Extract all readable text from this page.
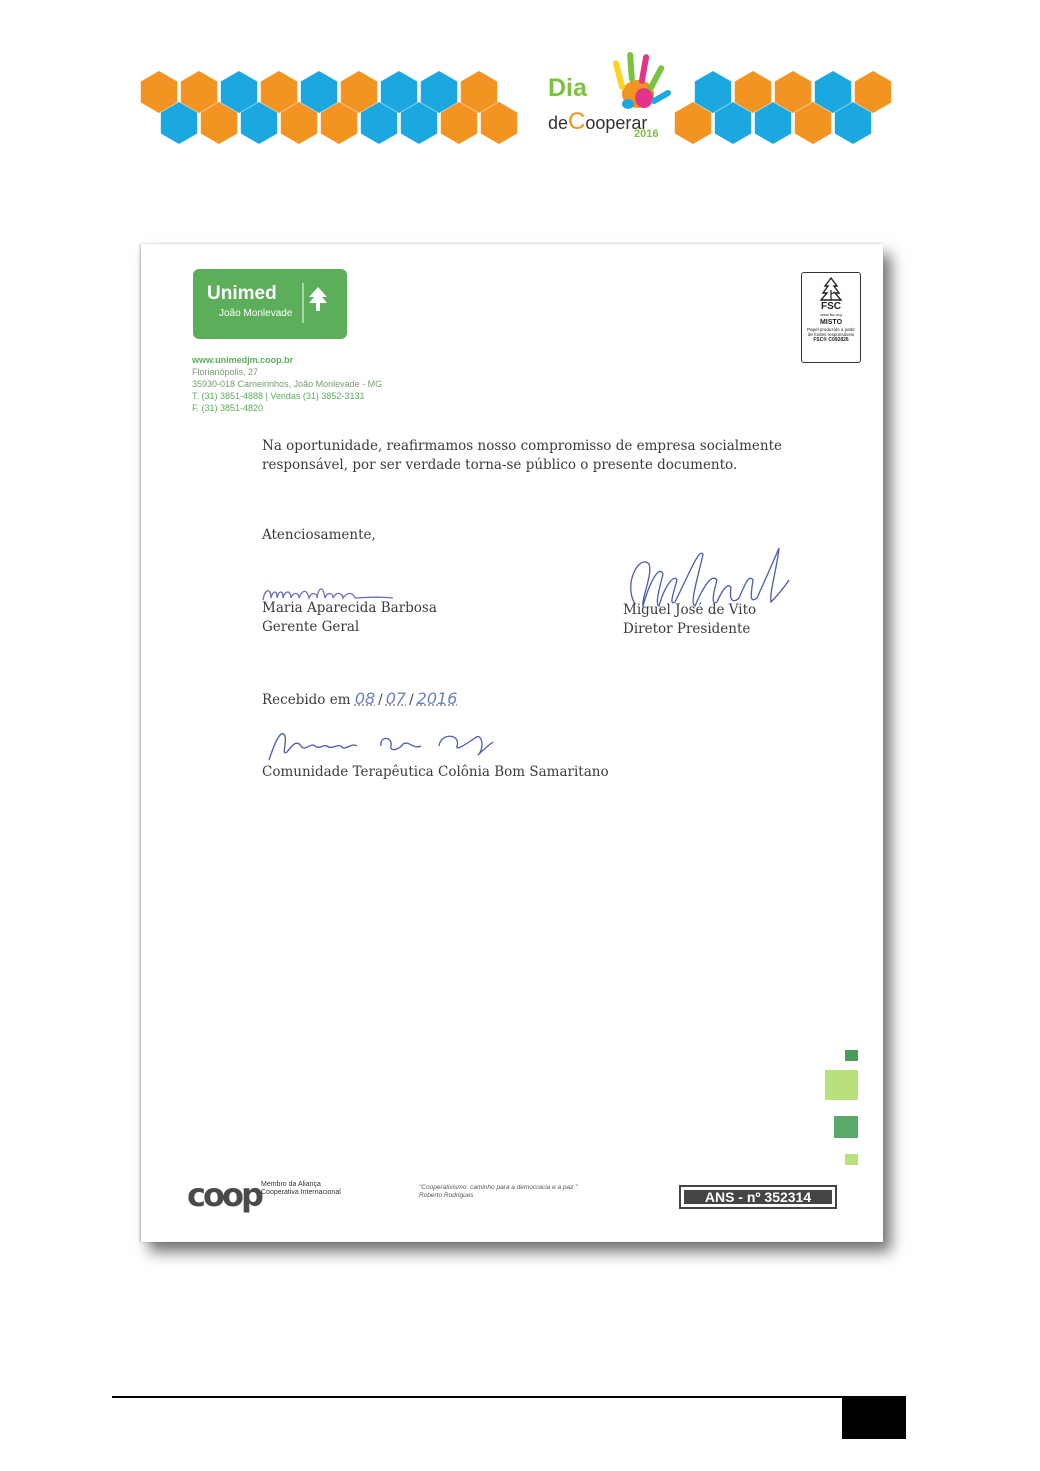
Dia
deCooperar
2016
Unimed
João Monlevade
www.unimedjm.coop.br
Florianópolis, 27
35930-018 Carneirinhos, João Monlevade - MG
T. (31) 3851-4888 | Vendas (31) 3852-3131
F. (31) 3851-4820
FSC
www.fsc.org
MISTO
Papel produzido a partir de fontes responsáveis
FSC® C092826
Na oportunidade, reafirmamos nosso compromisso de empresa socialmente responsável, por ser verdade torna-se público o presente documento.
Atenciosamente,
Maria Aparecida Barbosa
Gerente Geral
Miguel José de Vito
Diretor Presidente
Recebido em 08 / 07 / 2016
Comunidade Terapêutica Colônia Bom Samaritano
coop Membro da Aliança
Cooperativa Internacional
"Cooperativismo: caminho para a democracia e a paz."
Roberto Rodrigues	ANS - nº 352314
